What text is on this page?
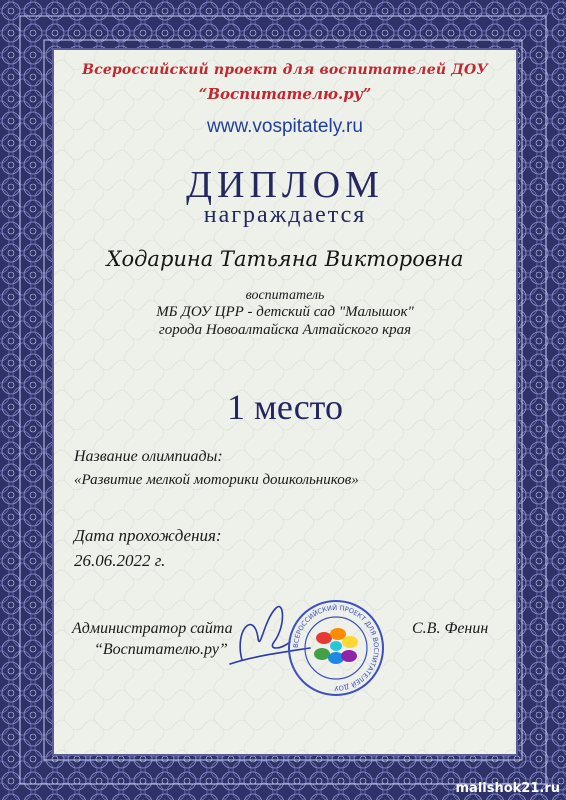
Всероссийский проект для воспитателей ДОУ

“Воспитателю.ру”

www.vospitately.ru

ДИПЛОМ

награждается

Ходарина Татьяна Викторовна

воспитатель

МБ ДОУ ЦРР - детский сад "Малышок"

города Новоалтайска Алтайского края

1 место

Название олимпиады:

«Развитие мелкой моторики дошкольников»

Дата прохождения:

26.06.2022 г.

Администратор сайта

“Воспитателю.ру”	ВСЕРОССИЙСКИЙ ПРОЕКТ ДЛЯ ВОСПИТАТЕЛЕЙ ДОУ

С.В. Фенин

malishok21.ru
